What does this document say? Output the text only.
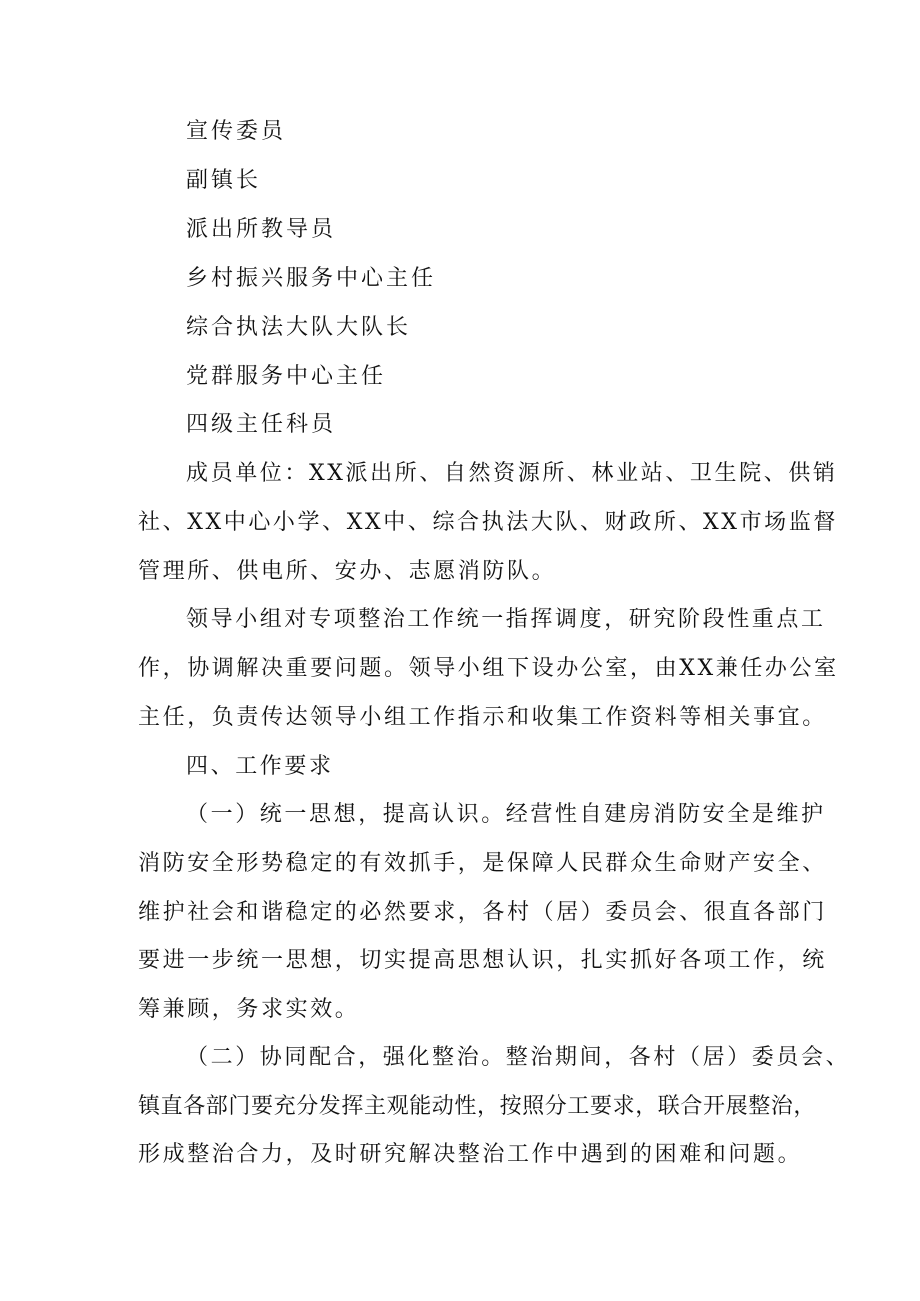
宣传委员
副镇长
派出所教导员
乡村振兴服务中心主任
综合执法大队大队长
党群服务中心主任
四级主任科员
成员单位：XX派出所、自然资源所、林业站、卫生院、供销
社、XX中心小学、XX中、综合执法大队、财政所、XX市场监督
管理所、供电所、安办、志愿消防队。
领导小组对专项整治工作统一指挥调度，研究阶段性重点工
作，协调解决重要问题。领导小组下设办公室，由XX兼任办公室
主任，负责传达领导小组工作指示和收集工作资料等相关事宜。
四、工作要求
（一）统一思想，提高认识。经营性自建房消防安全是维护
消防安全形势稳定的有效抓手，是保障人民群众生命财产安全、
维护社会和谐稳定的必然要求，各村（居）委员会、很直各部门
要进一步统一思想，切实提高思想认识，扎实抓好各项工作，统
筹兼顾，务求实效。
（二）协同配合，强化整治。整治期间，各村（居）委员会、
镇直各部门要充分发挥主观能动性，按照分工要求，联合开展整治，
形成整治合力，及时研究解决整治工作中遇到的困难和问题。
